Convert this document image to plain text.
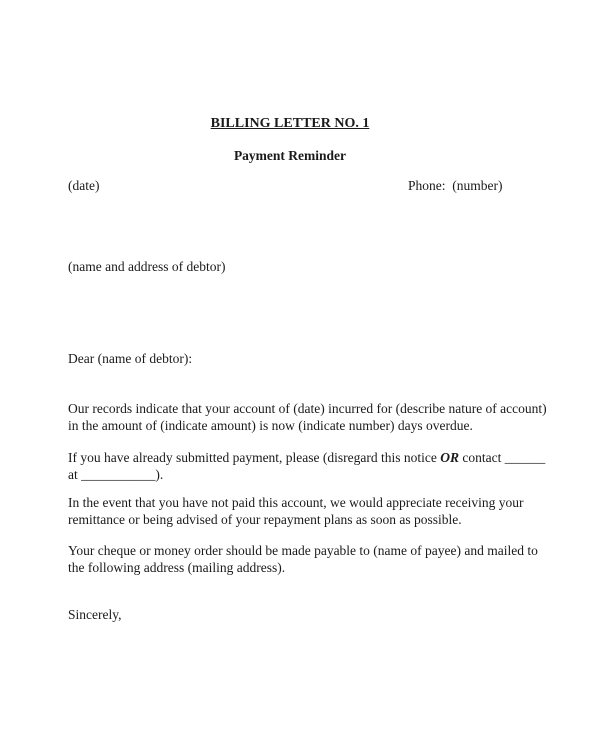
BILLING LETTER NO. 1
Payment Reminder
(date)	Phone:  (number)
(name and address of debtor)
Dear (name of debtor):
Our records indicate that your account of (date) incurred for (describe nature of account)
in the amount of (indicate amount) is now (indicate number) days overdue.
If you have already submitted payment, please (disregard this notice OR contact ______
at ___________).
In the event that you have not paid this account, we would appreciate receiving your
remittance or being advised of your repayment plans as soon as possible.
Your cheque or money order should be made payable to (name of payee) and mailed to
the following address (mailing address).
Sincerely,
